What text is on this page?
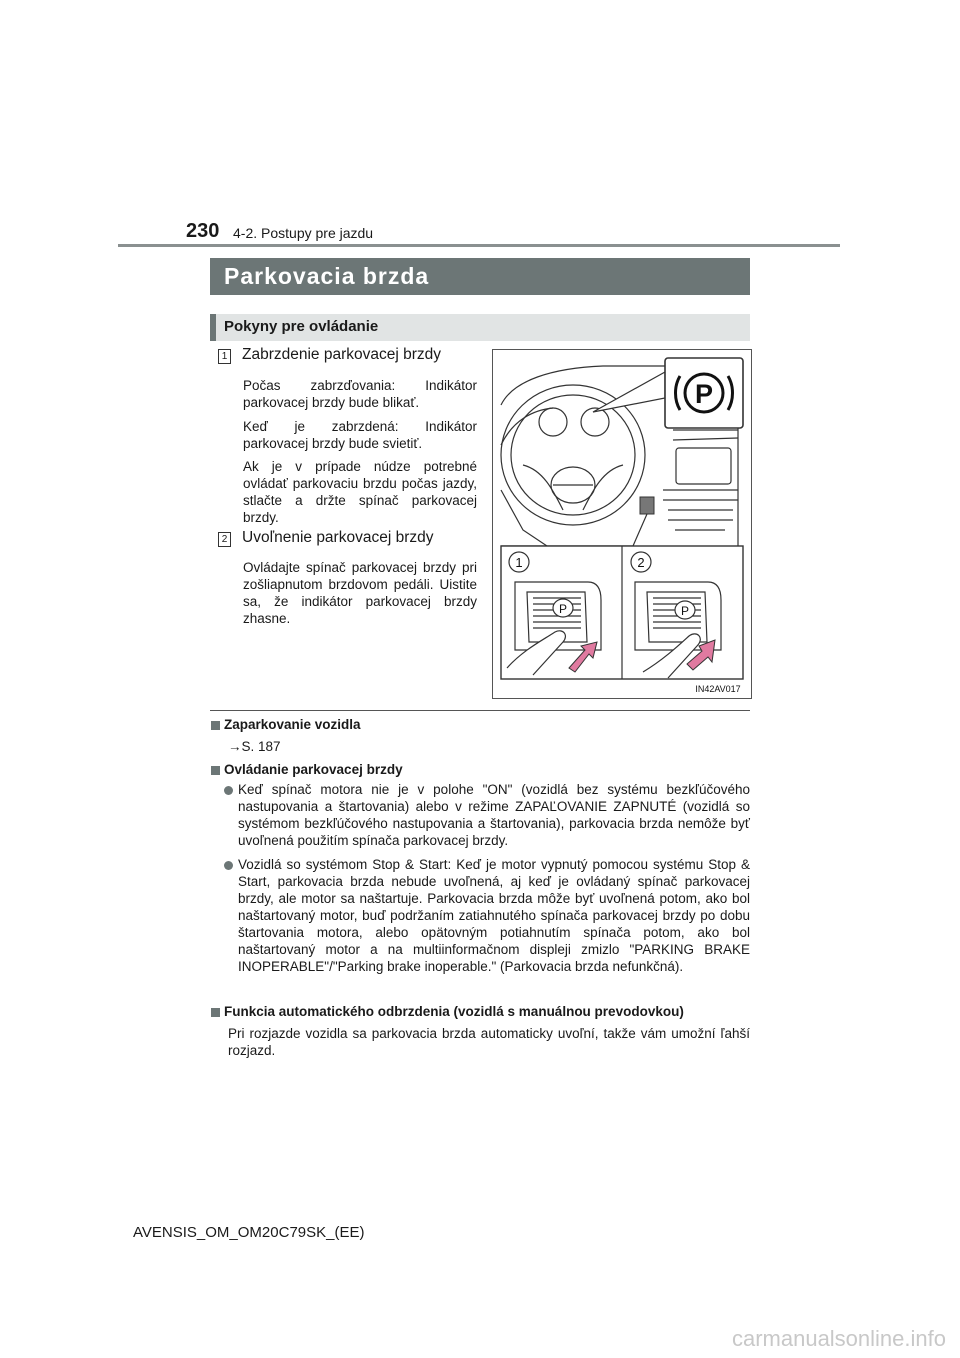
230 4-2. Postupy pre jazdu
Parkovacia brzda
Pokyny pre ovládanie
1 Zabrzdenie parkovacej brzdy
Počas zabrzďovania: Indikátor parkovacej brzdy bude blikať.
Keď je zabrzdená: Indikátor parkovacej brzdy bude svietiť.
Ak je v prípade núdze potrebné ovládať parkovaciu brzdu počas jazdy, stlačte a držte spínač parkovacej brzdy.
2 Uvoľnenie parkovacej brzdy
Ovládajte spínač parkovacej brzdy pri zošliapnutom brzdovom pedáli. Uistite sa, že indikátor parkovacej brzdy zhasne.
P
1	2
P	P
IN42AV017
Zaparkovanie vozidla
→S. 187
Ovládanie parkovacej brzdy
Keď spínač motora nie je v polohe "ON" (vozidlá bez systému bezkľúčového nastupovania a štartovania) alebo v režime ZAPAĽOVANIE ZAPNUTÉ (vozidlá so systémom bezkľúčového nastupovania a štartovania), parkovacia brzda nemôže byť uvoľnená použitím spínača parkovacej brzdy.
Vozidlá so systémom Stop & Start: Keď je motor vypnutý pomocou systému Stop & Start, parkovacia brzda nebude uvoľnená, aj keď je ovládaný spínač parkovacej brzdy, ale motor sa naštartuje. Parkovacia brzda môže byť uvoľnená potom, ako bol naštartovaný motor, buď podržaním zatiahnutého spínača parkovacej brzdy po dobu štartovania motora, alebo opätovným potiahnutím spínača potom, ako bol naštartovaný motor a na multiinformačnom displeji zmizlo "PARKING BRAKE INOPERABLE"/"Parking brake inoperable." (Parkovacia brzda nefunkčná).
Funkcia automatického odbrzdenia (vozidlá s manuálnou prevodovkou)
Pri rozjazde vozidla sa parkovacia brzda automaticky uvoľní, takže vám umožní ľahší rozjazd.
AVENSIS_OM_OM20C79SK_(EE)
carmanualsonline.info
